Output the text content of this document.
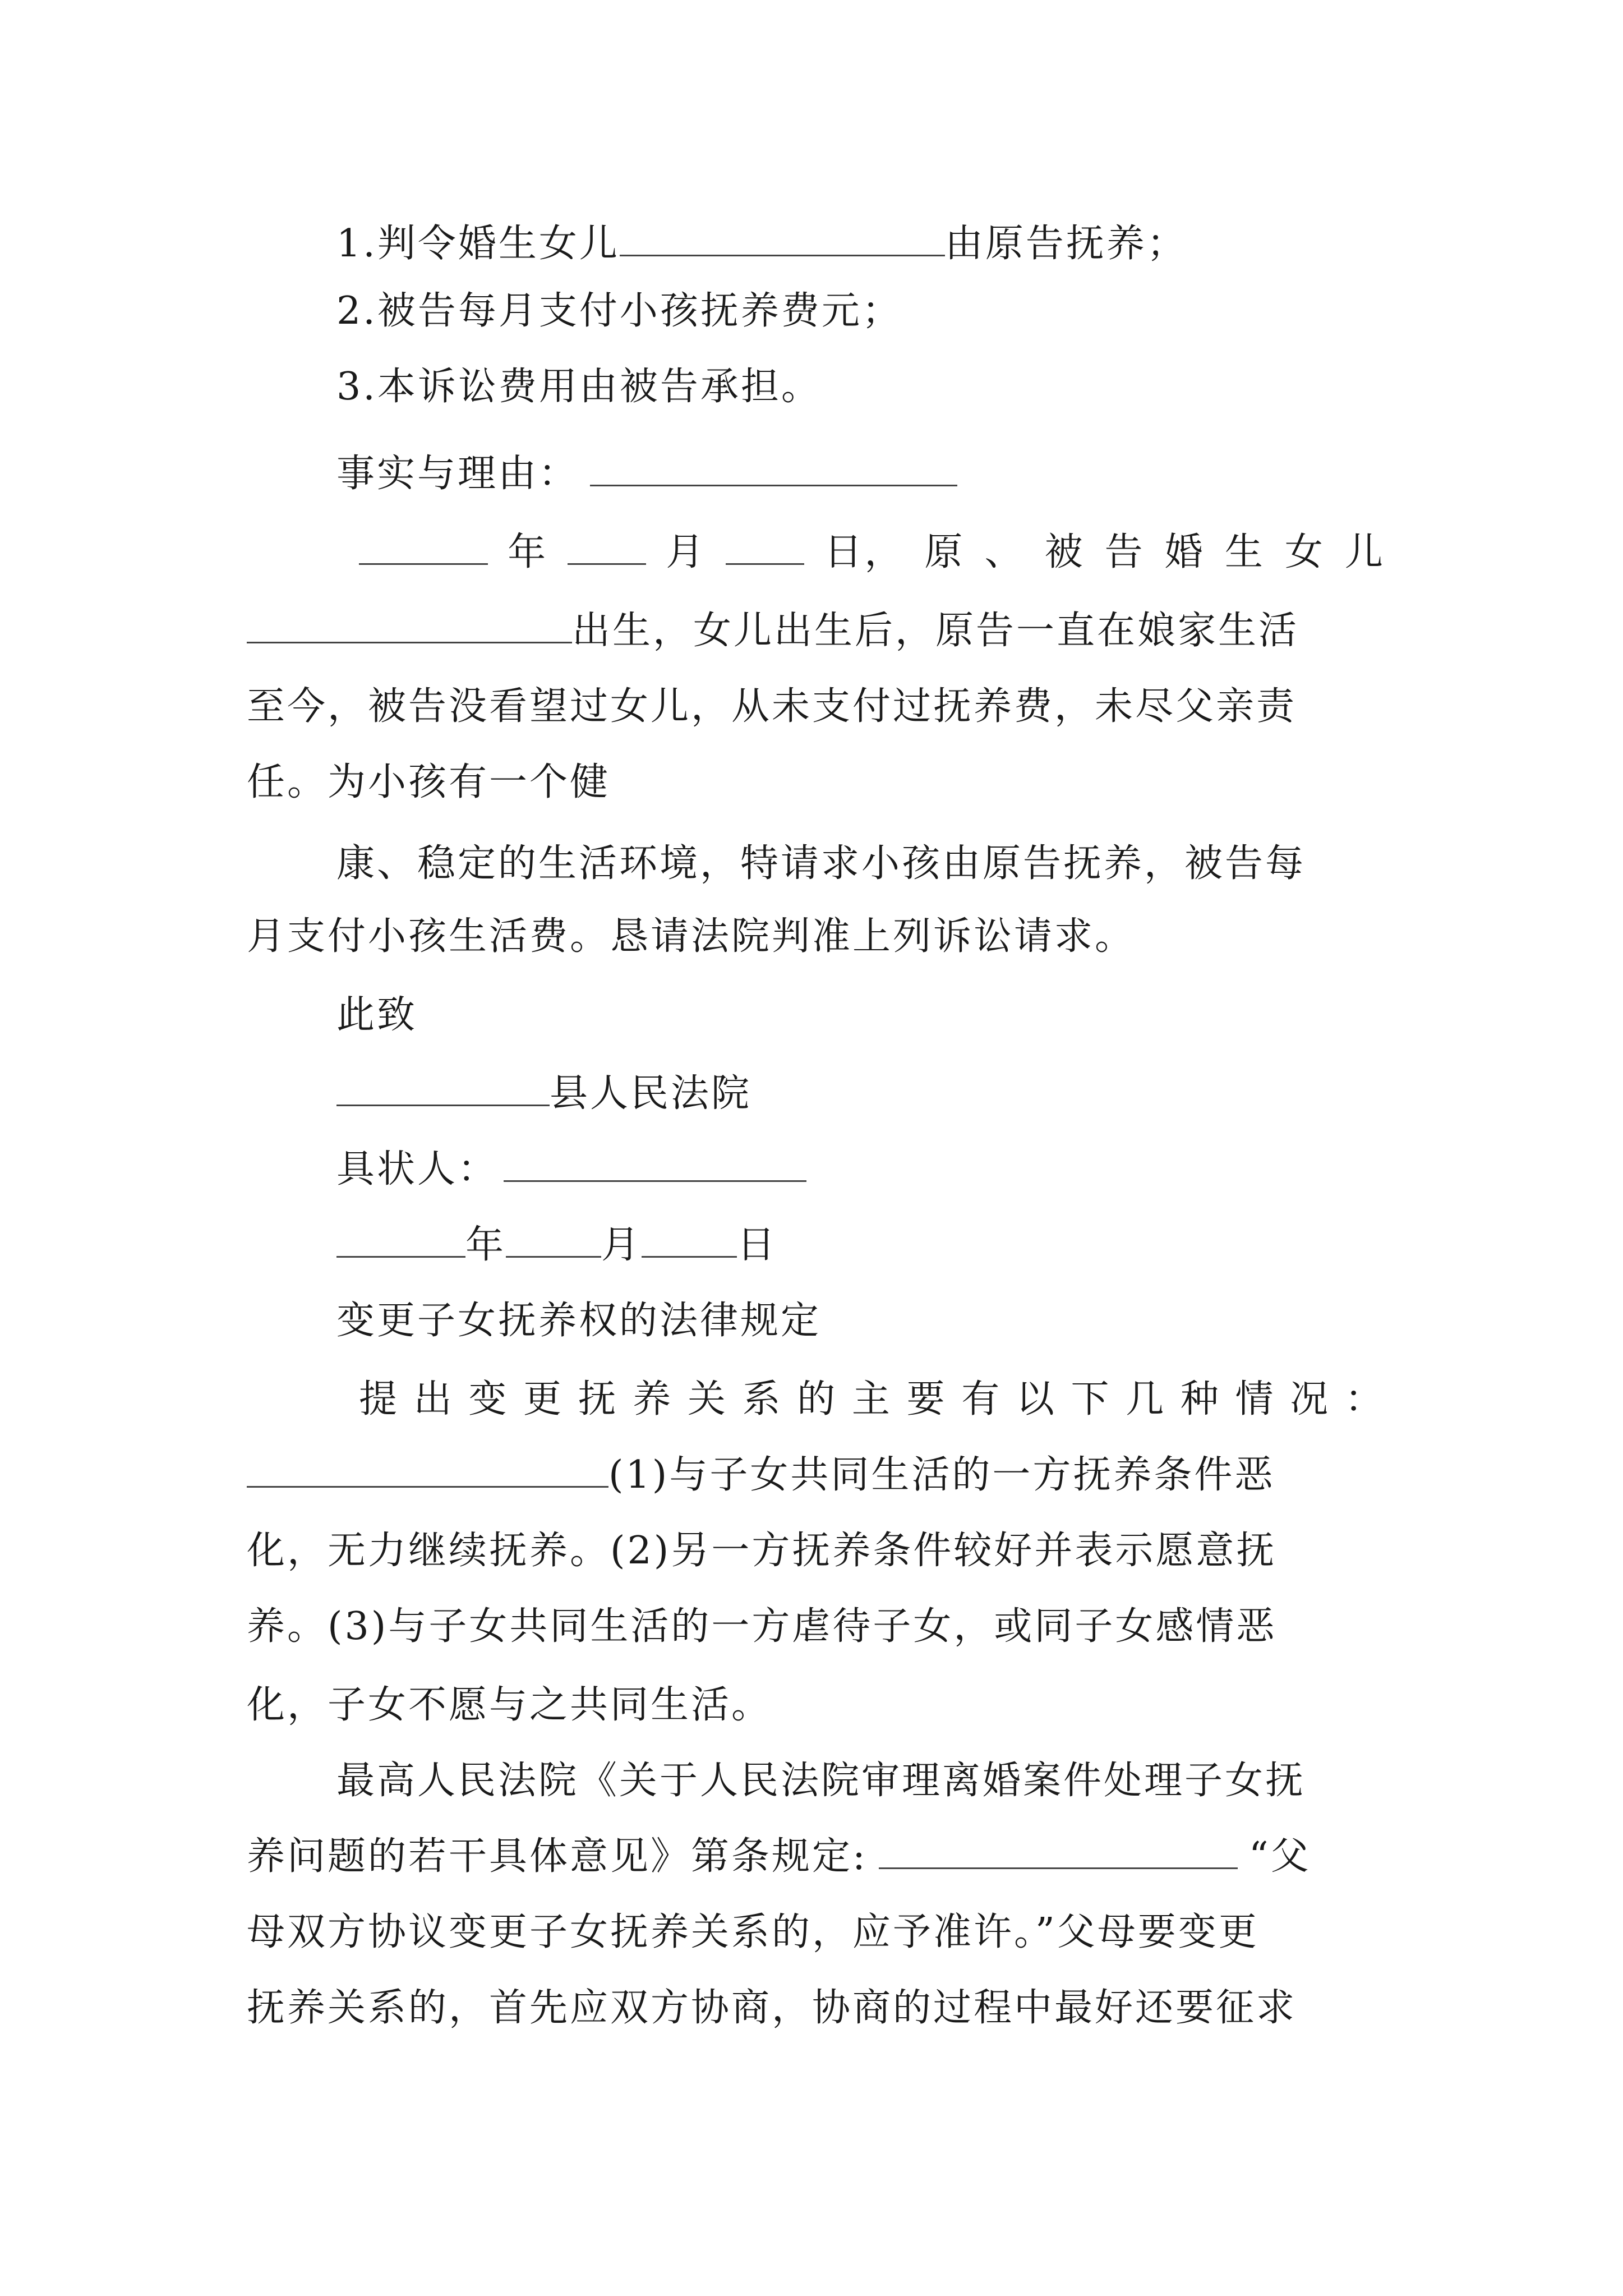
1.判令婚生女儿	由原告抚养；
2.被告每月支付小孩抚养费元；
3.本诉讼费用由被告承担。
事实与理由：
年	月	日， 原 、 被 告 婚 生 女 儿
出生，女儿出生后，原告一直在娘家生活
至今，被告没看望过女儿，从未支付过抚养费，未尽父亲责
任。为小孩有一个健
康、稳定的生活环境，特请求小孩由原告抚养，被告每
月支付小孩生活费。恳请法院判准上列诉讼请求。
此致
县人民法院
具状人：
年	月	日
变更子女抚养权的法律规定
提 出 变 更 抚 养 关 系 的 主 要 有 以 下 几 种 情 况 ：
(1)与子女共同生活的一方抚养条件恶
化，无力继续抚养。(2)另一方抚养条件较好并表示愿意抚
养。(3)与子女共同生活的一方虐待子女，或同子女感情恶
化，子女不愿与之共同生活。
最高人民法院《关于人民法院审理离婚案件处理子女抚
养问题的若干具体意见》第条规定:	“父
母双方协议变更子女抚养关系的，应予准许。”父母要变更
抚养关系的，首先应双方协商，协商的过程中最好还要征求
